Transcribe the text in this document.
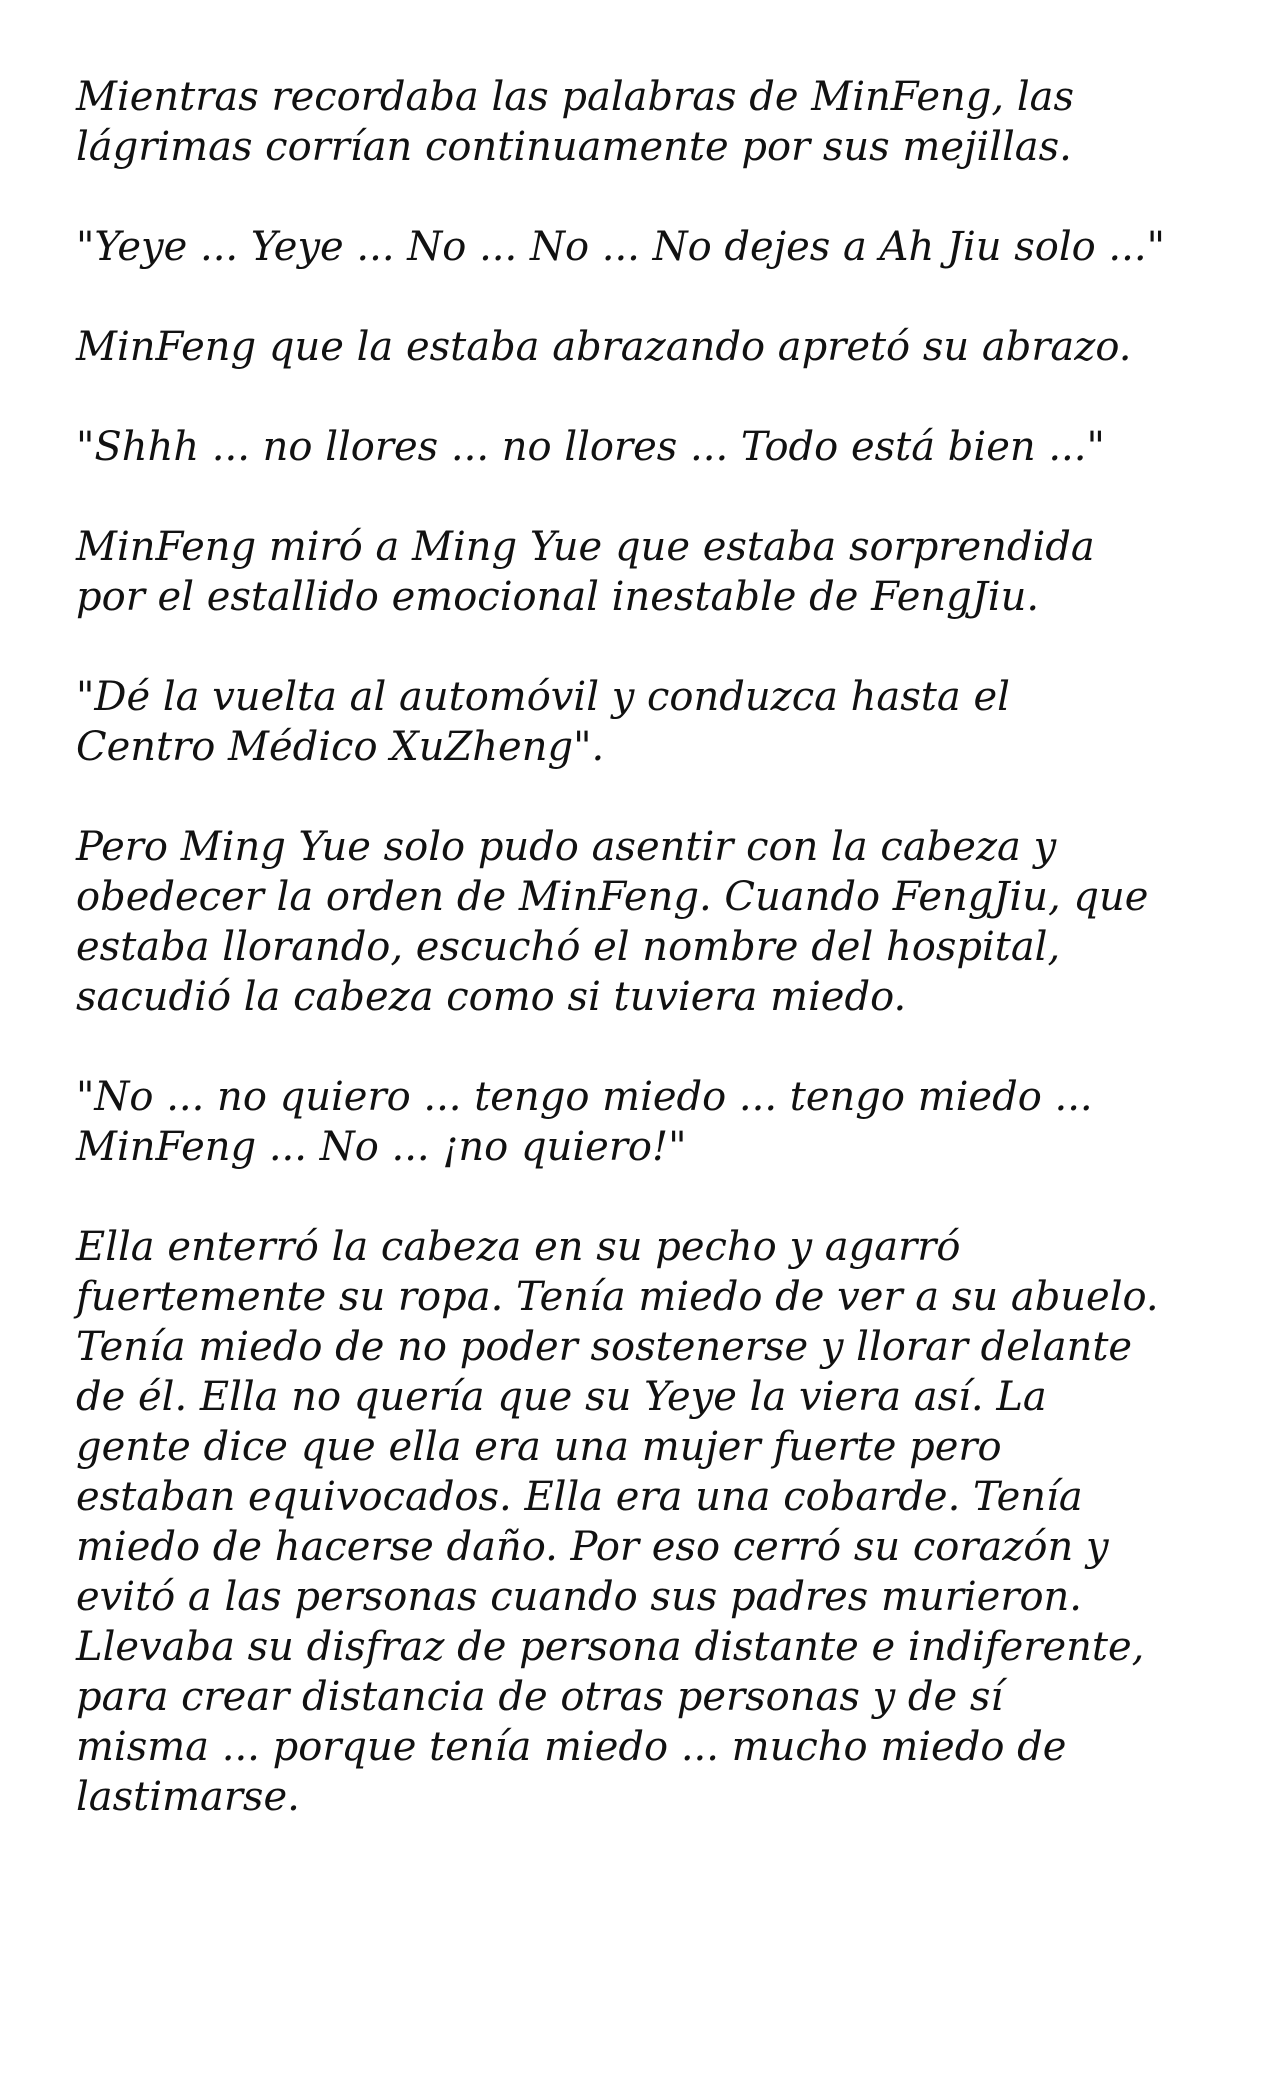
Mientras recordaba las palabras de MinFeng, las
lágrimas corrían continuamente por sus mejillas.

"Yeye ... Yeye ... No ... No ... No dejes a Ah Jiu solo ..."

MinFeng que la estaba abrazando apretó su abrazo.

"Shhh ... no llores ... no llores ... Todo está bien ..."

MinFeng miró a Ming Yue que estaba sorprendida
por el estallido emocional inestable de FengJiu.

"Dé la vuelta al automóvil y conduzca hasta el
Centro Médico XuZheng".

Pero Ming Yue solo pudo asentir con la cabeza y
obedecer la orden de MinFeng. Cuando FengJiu, que
estaba llorando, escuchó el nombre del hospital,
sacudió la cabeza como si tuviera miedo.

"No ... no quiero ... tengo miedo ... tengo miedo ...
MinFeng ... No ... ¡no quiero!"

Ella enterró la cabeza en su pecho y agarró
fuertemente su ropa. Tenía miedo de ver a su abuelo.
Tenía miedo de no poder sostenerse y llorar delante
de él. Ella no quería que su Yeye la viera así. La
gente dice que ella era una mujer fuerte pero
estaban equivocados. Ella era una cobarde. Tenía
miedo de hacerse daño. Por eso cerró su corazón y
evitó a las personas cuando sus padres murieron.
Llevaba su disfraz de persona distante e indiferente,
para crear distancia de otras personas y de sí
misma ... porque tenía miedo ... mucho miedo de
lastimarse.
